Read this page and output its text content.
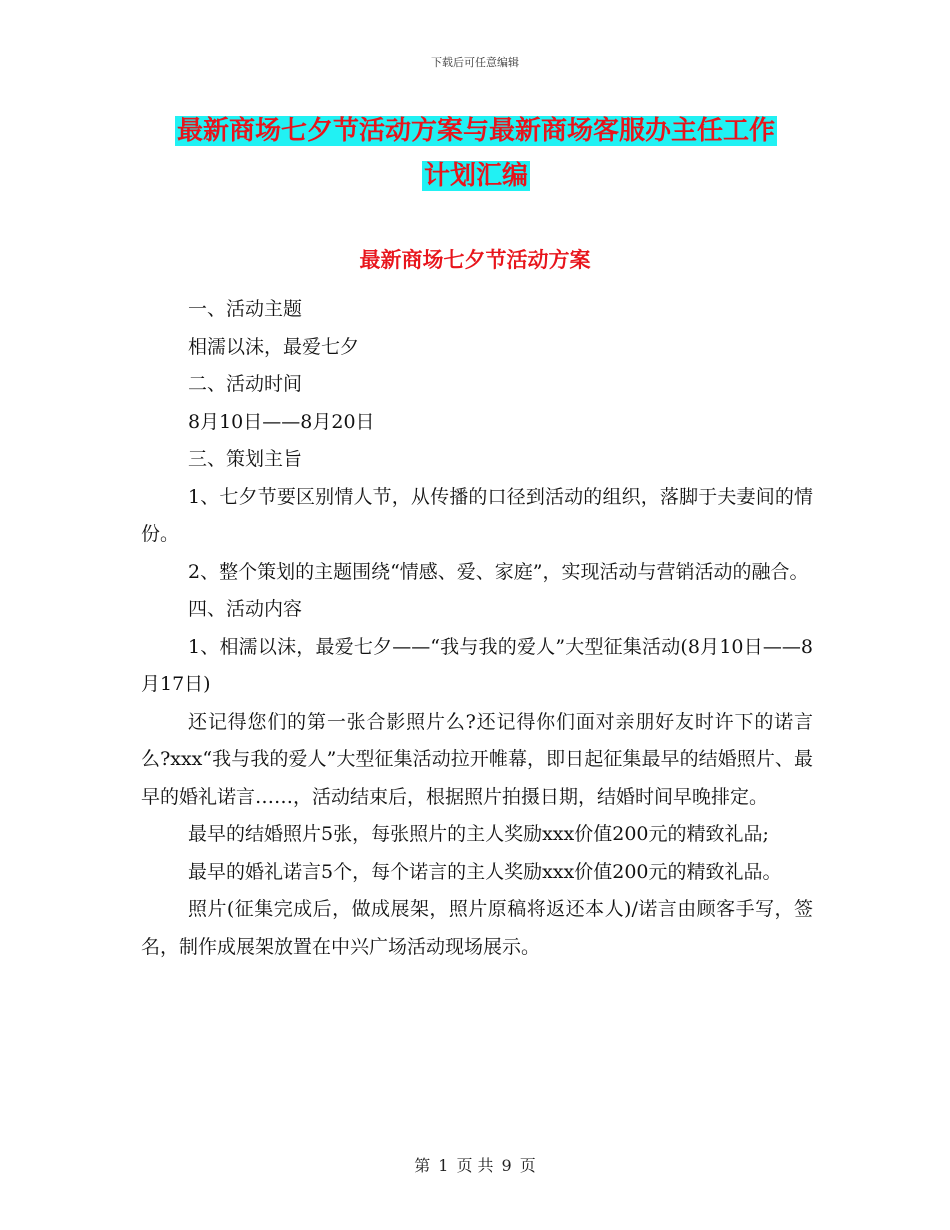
下载后可任意编辑
最新商场七夕节活动方案与最新商场客服办主任工作
计划汇编
最新商场七夕节活动方案

一、活动主题

相濡以沫，最爱七夕

二、活动时间

8月10日——8月20日

三、策划主旨

1、七夕节要区别情人节，从传播的口径到活动的组织，落脚于夫妻间的情份。

2、整个策划的主题围绕“情感、爱、家庭”，实现活动与营销活动的融合。

四、活动内容

1、相濡以沫，最爱七夕——“我与我的爱人”大型征集活动(8月10日——8月17日)

还记得您们的第一张合影照片么?还记得你们面对亲朋好友时许下的诺言么?xxx“我与我的爱人”大型征集活动拉开帷幕，即日起征集最早的结婚照片、最早的婚礼诺言……，活动结束后，根据照片拍摄日期，结婚时间早晚排定。

最早的结婚照片5张，每张照片的主人奖励xxx价值200元的精致礼品;

最早的婚礼诺言5个，每个诺言的主人奖励xxx价值200元的精致礼品。

照片(征集完成后，做成展架，照片原稿将返还本人)/诺言由顾客手写，签名，制作成展架放置在中兴广场活动现场展示。

第 1 页 共 9 页
